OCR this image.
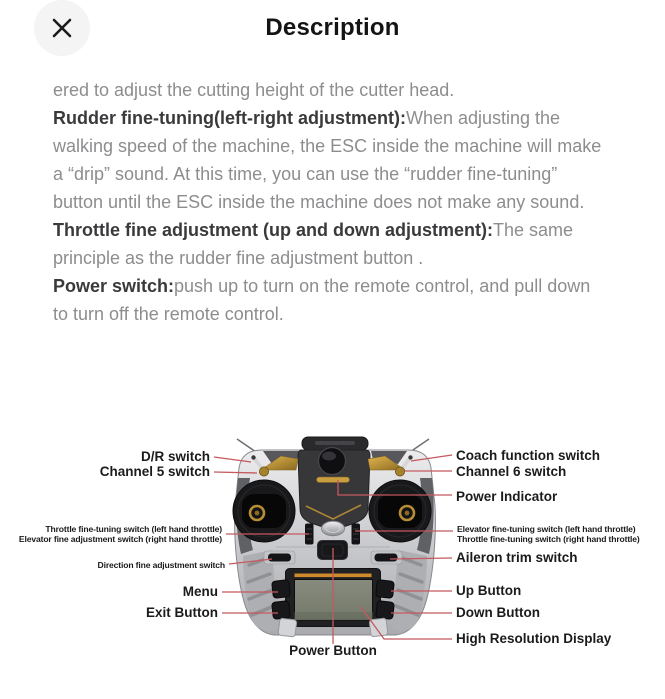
Description

ered to adjust the cutting height of the cutter head.

Rudder fine-tuning(left-right adjustment):When adjusting the walking speed of the machine, the ESC inside the machine will make a “drip” sound. At this time, you can use the “rudder fine-tuning” button until the ESC inside the machine does not make any sound.

Throttle fine adjustment (up and down adjustment):The same principle as the rudder fine adjustment button .

Power switch:push up to turn on the remote control, and pull down to turn off the remote control.

D/R switch
Channel 5 switch
Throttle fine-tuning switch (left hand throttle)
Elevator fine adjustment switch (right hand throttle)
Direction fine adjustment switch
Menu
Exit Button
Power Button
Coach function switch
Channel 6 switch
Power Indicator
Elevator fine-tuning switch (left hand throttle)
Throttle fine-tuning switch (right hand throttle)
Aileron trim switch
Up Button
Down Button
High Resolution Display
